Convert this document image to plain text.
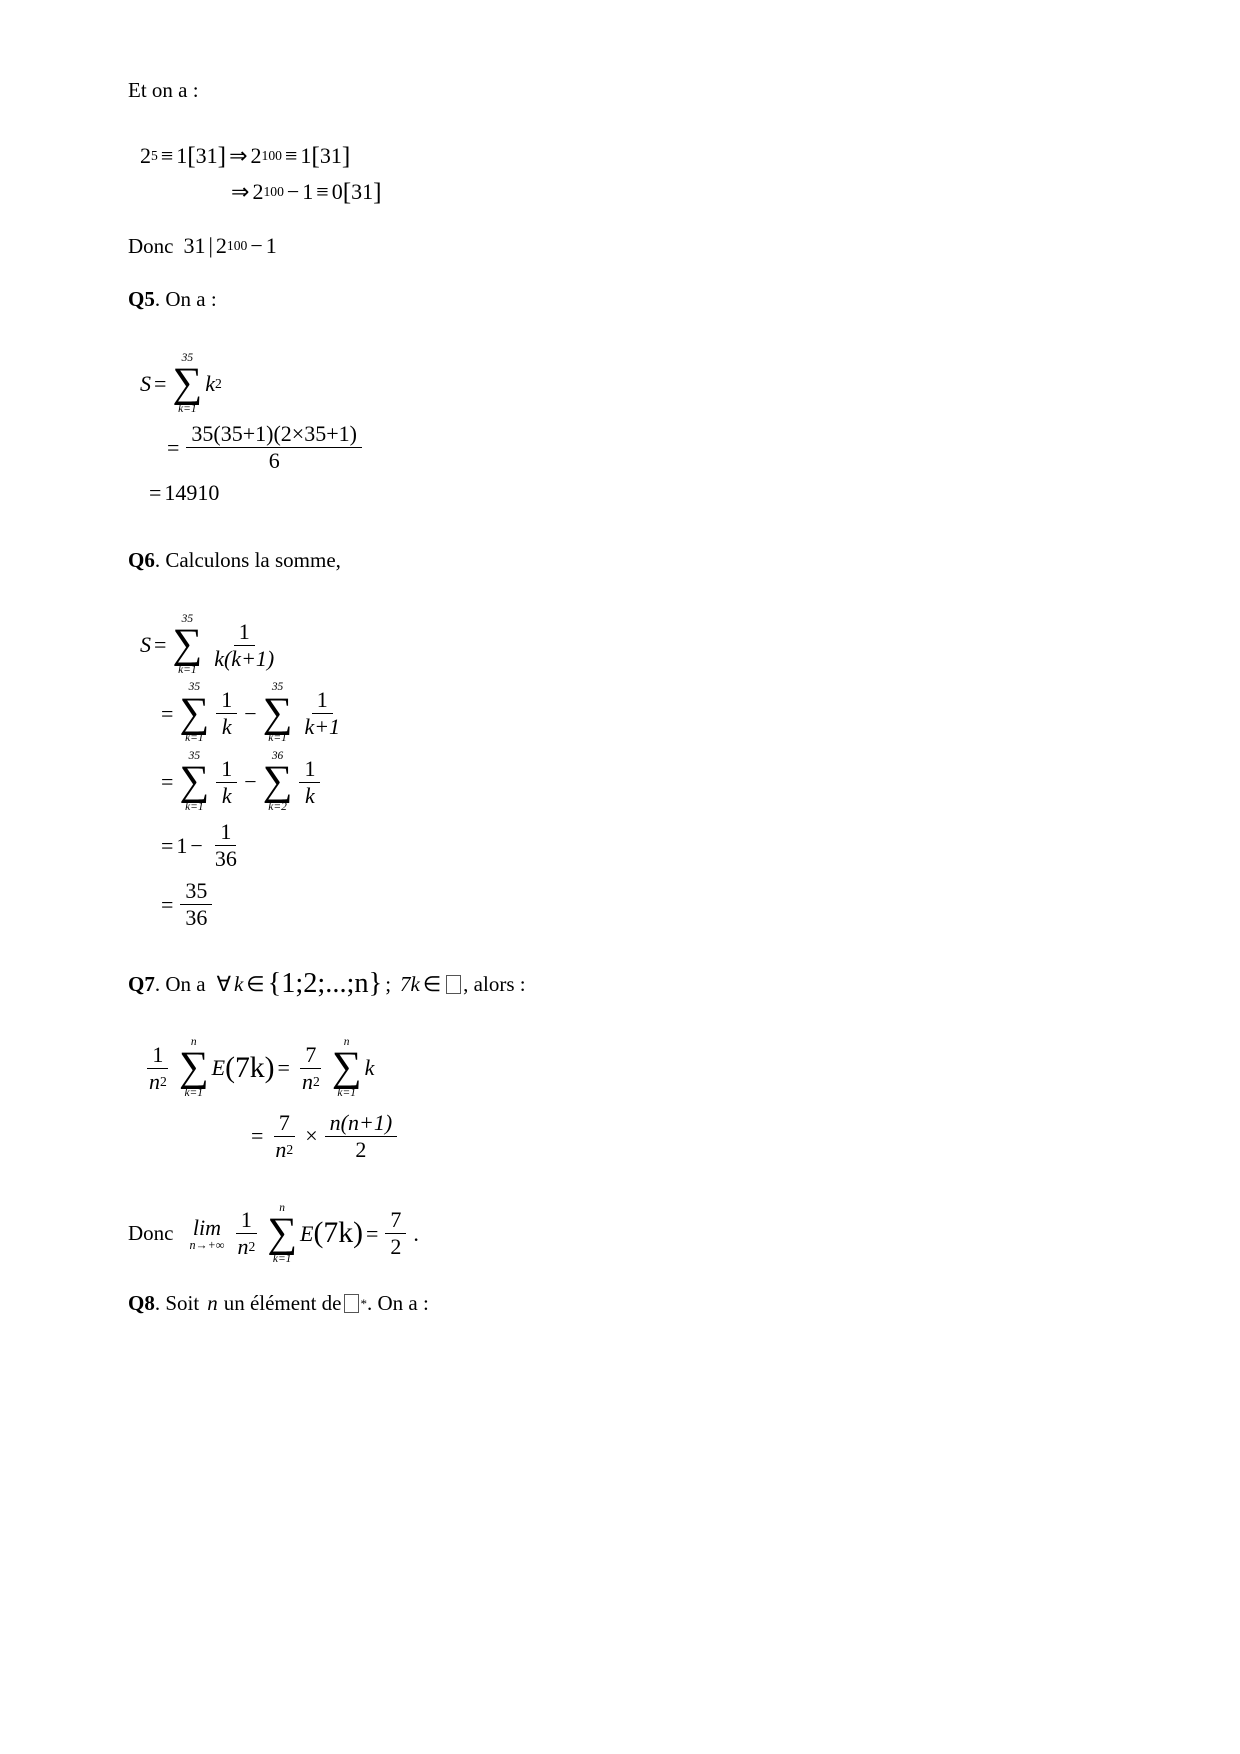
Et on a :

2 5 ≡ 1 [ 31 ] ⇒ 2 100 ≡ 1 [ 31 ]
⇒ 2 100 − 1 ≡ 0 [ 31 ]
Donc 31 | 2 100 − 1

Q5. On a :

S =
35
∑
k=1
k 2
= $\frac{35(35+1)(2\times 35+1)}{6}$
= 14910

Q6. Calculons la somme,

S =
35
∑
$k=1 \frac{1}{k(k+1)}$
=
35
∑
$k=1 \frac{1}{k}$ −
35
∑
$k=1 \frac{1}{k+1}$
=
35
∑
$k=1 \frac{1}{k}$ −
36
∑
$k=2 \frac{1}{k}$
= $1 - \frac{1}{36}$
= $\frac{35}{36}$
Q7 . On a ∀ k ∈ {1;2;...;n} ; 7k ∈ , alors :
$\frac{1}{n 2}$ n
∑
k=1
E $(7k) = \frac{7}{n 2}$ n
∑
k=1
k
= $\frac{7}{n 2} \times \frac{n(n+1)}{2}$
Donc lim
$n\to+\infty \frac{1}{n 2}$ n
∑
k=1
E $(7k) = \frac{7}{2}$ .
Q8 . Soit n un élément de * . On a :
